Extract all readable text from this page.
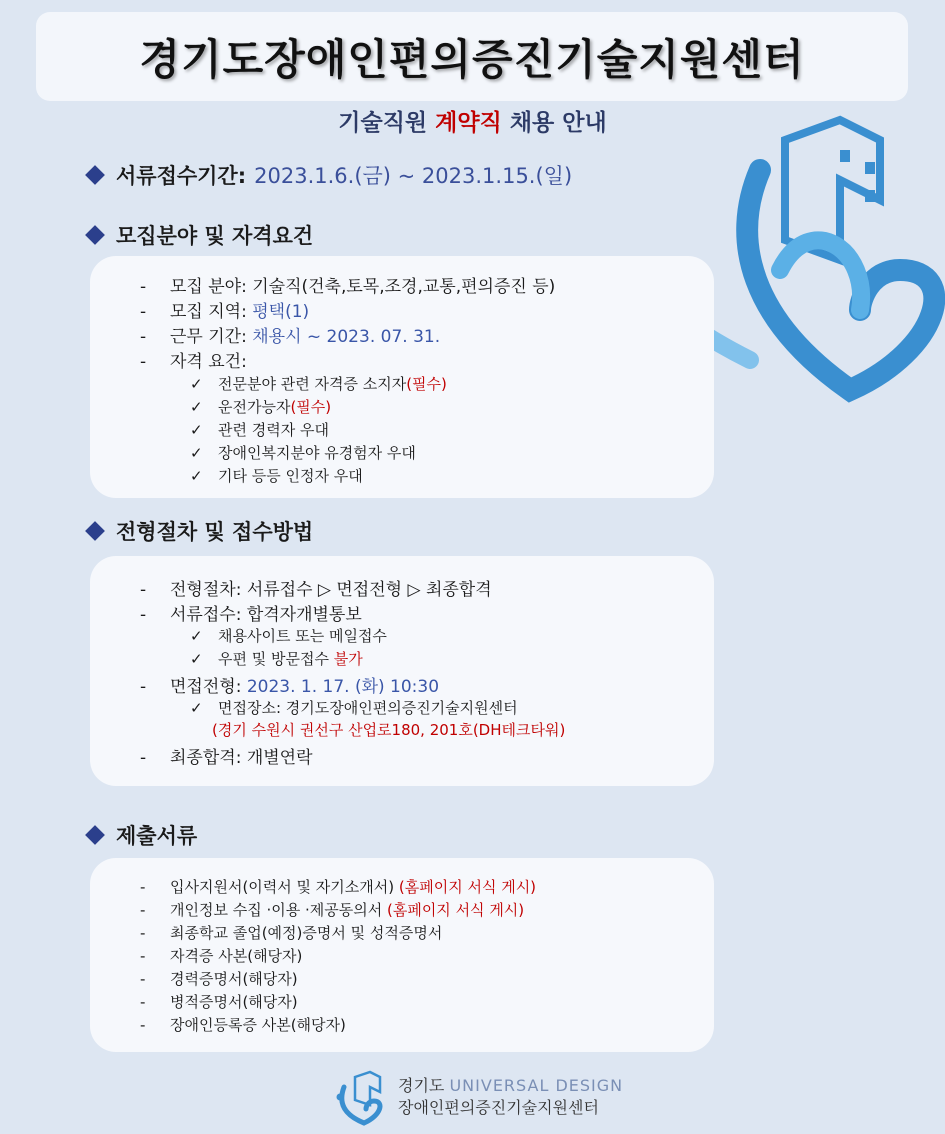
경기도장애인편의증진기술지원센터
기술직원 계약직 채용 안내
서류접수기간: 2023.1.6.(금) ~ 2023.1.15.(일)
모집분야 및 자격요건
- 모집 분야: 기술직(건축,토목,조경,교통,편의증진 등)
- 모집 지역: 평택(1)
- 근무 기간: 채용시 ~ 2023. 07. 31.
- 자격 요건:
✓ 전문분야 관련 자격증 소지자(필수)
✓ 운전가능자(필수)
✓ 관련 경력자 우대
✓ 장애인복지분야 유경험자 우대
✓ 기타 등등 인정자 우대
전형절차 및 접수방법
- 전형절차: 서류접수 ▷ 면접전형 ▷ 최종합격
- 서류접수: 합격자개별통보
✓ 채용사이트 또는 메일접수
✓ 우편 및 방문접수 불가
- 면접전형: 2023. 1. 17. (화) 10:30
✓ 면접장소: 경기도장애인편의증진기술지원센터
(경기 수원시 권선구 산업로180, 201호(DH테크타워)
- 최종합격: 개별연락
제출서류
- 입사지원서(이력서 및 자기소개서) (홈페이지 서식 게시)
- 개인정보 수집 ·이용 ·제공동의서 (홈페이지 서식 게시)
- 최종학교 졸업(예정)증명서 및 성적증명서
- 자격증 사본(해당자)
- 경력증명서(해당자)
- 병적증명서(해당자)
- 장애인등록증 사본(해당자)
경기도 UNIVERSAL DESIGN
장애인편의증진기술지원센터
